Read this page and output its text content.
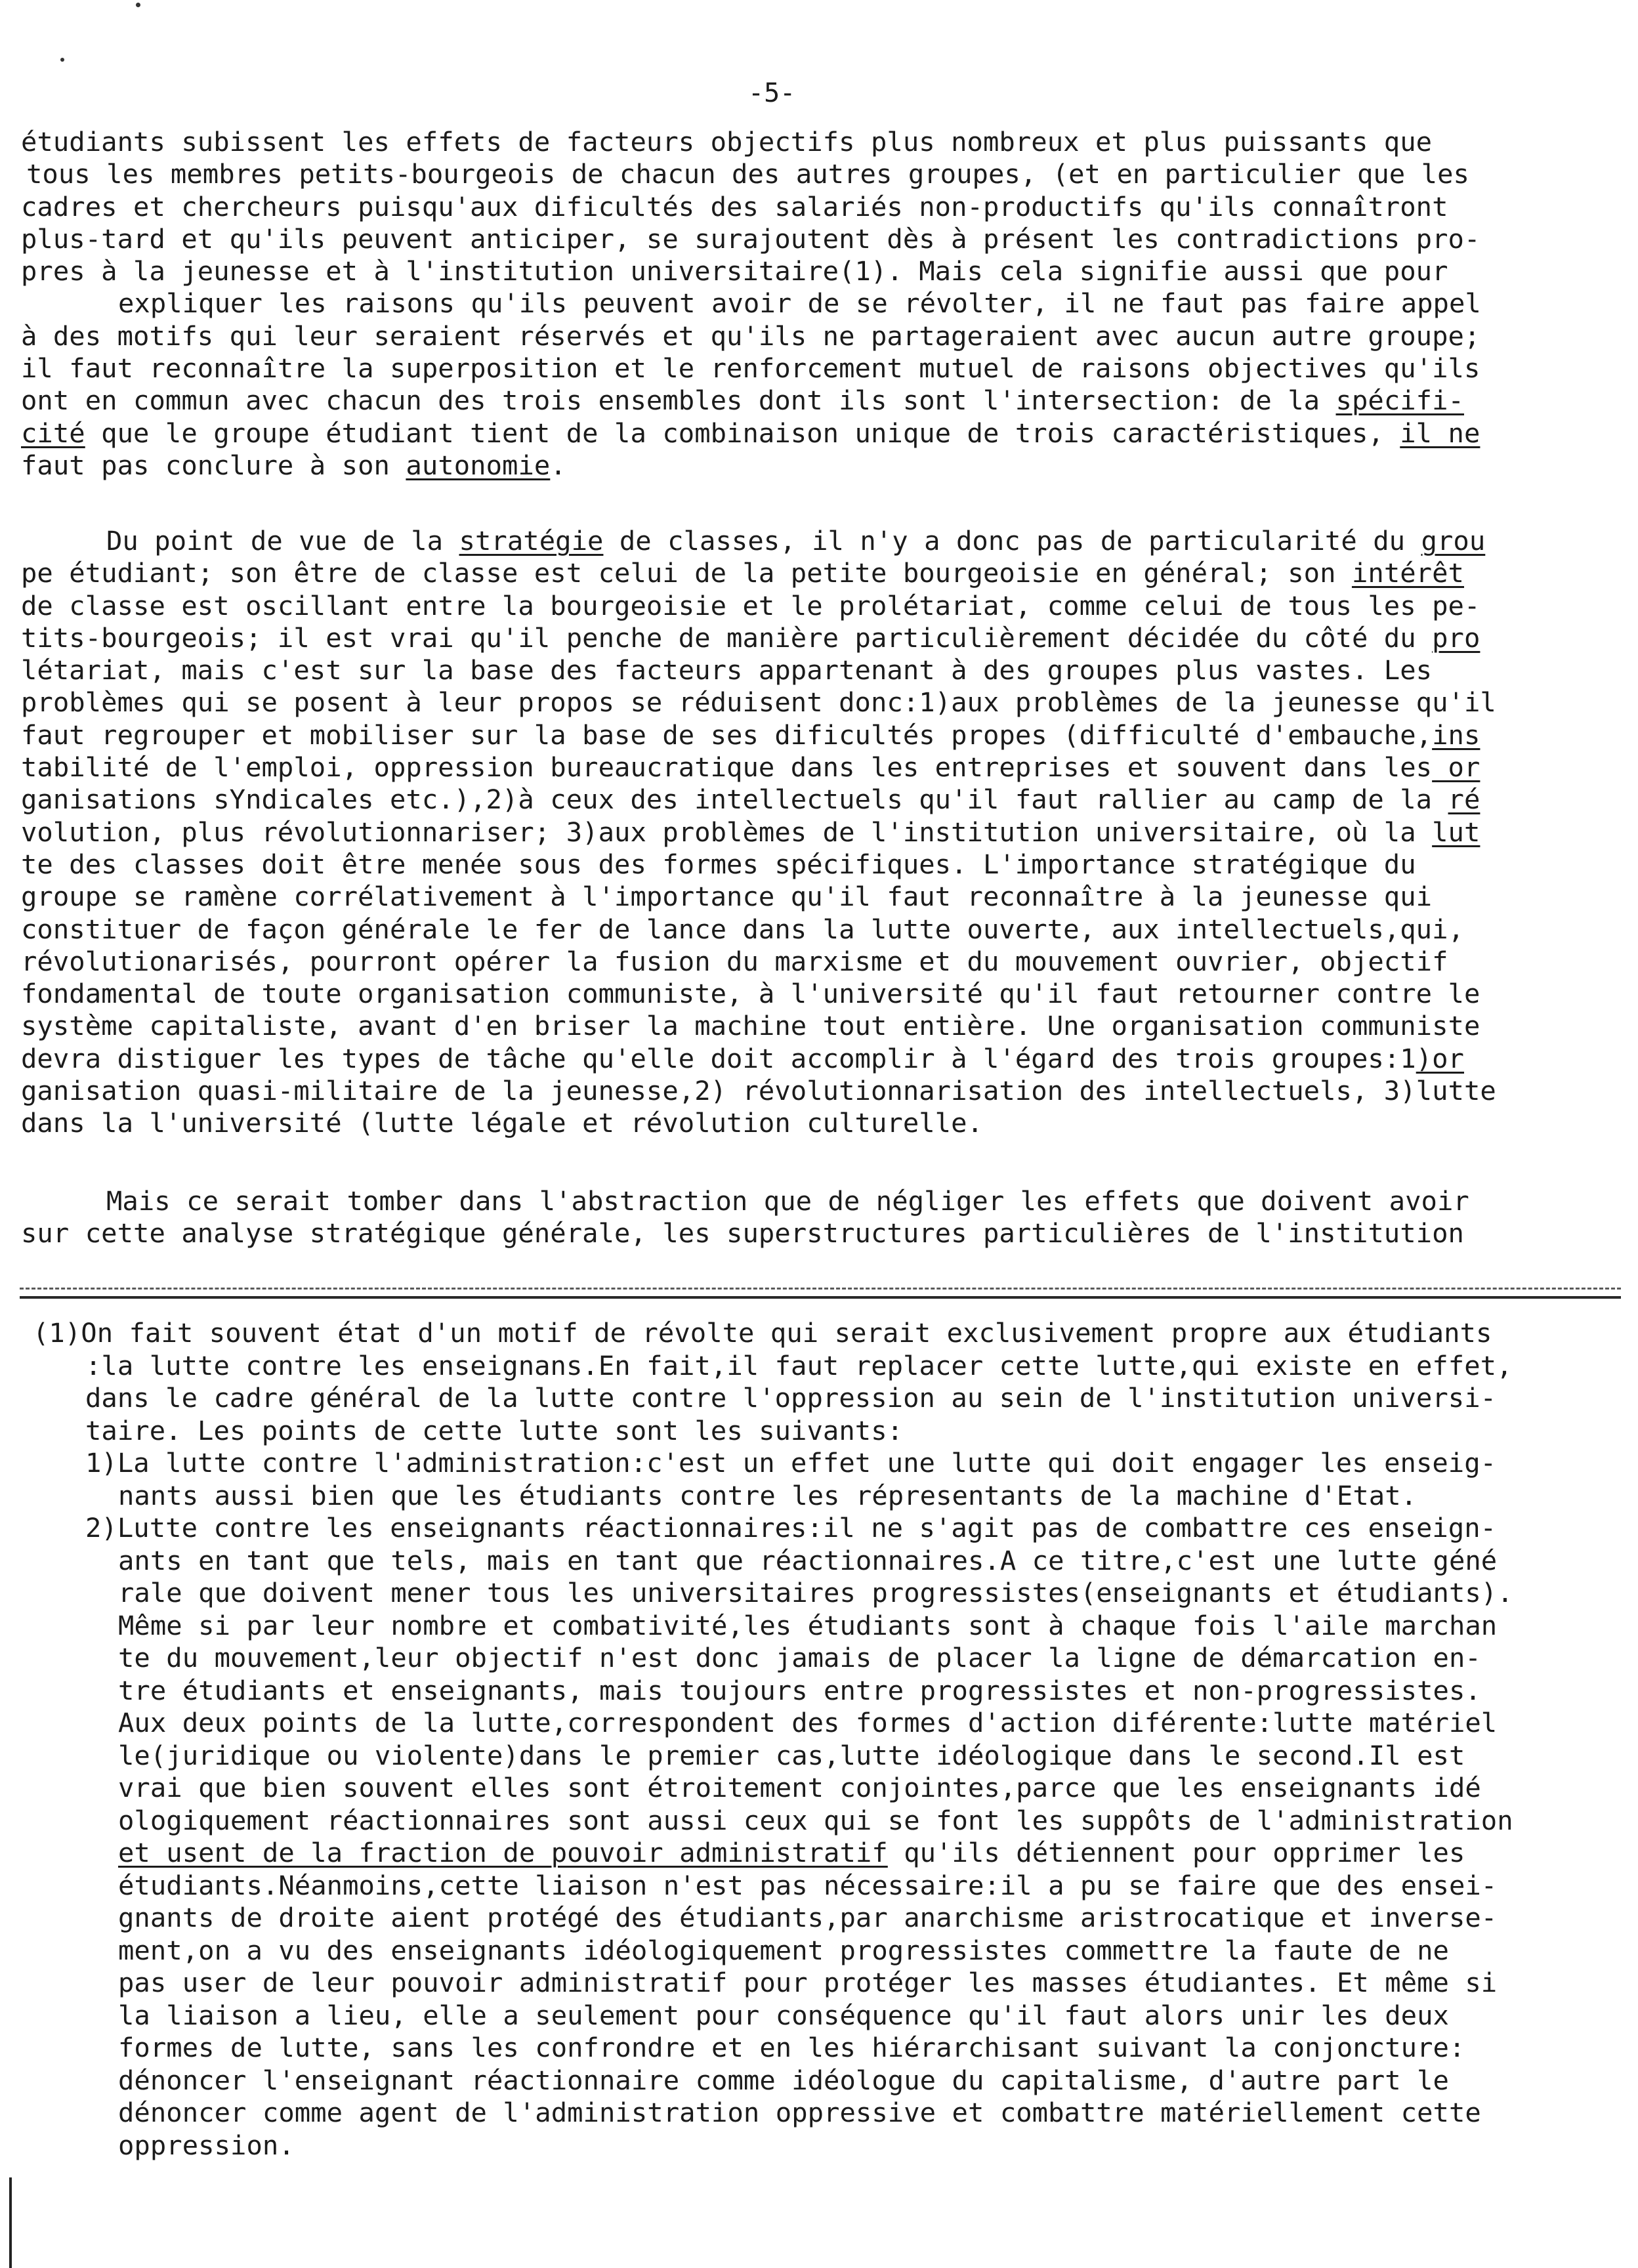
-5-
étudiants subissent les effets de facteurs objectifs plus nombreux et plus puissants que
tous les membres petits-bourgeois de chacun des autres groupes, (et en particulier que les
cadres et chercheurs puisqu'aux dificultés des salariés non-productifs qu'ils connaîtront
plus-tard et qu'ils peuvent anticiper, se surajoutent dès à présent les contradictions pro-
pres à la jeunesse et à l'institution universitaire(1). Mais cela signifie aussi que pour
expliquer les raisons qu'ils peuvent avoir de se révolter, il ne faut pas faire appel
à des motifs qui leur seraient réservés et qu'ils ne partageraient avec aucun autre groupe;
il faut reconnaître la superposition et le renforcement mutuel de raisons objectives qu'ils
ont en commun avec chacun des trois ensembles dont ils sont l'intersection: de la spécifi-
cité que le groupe étudiant tient de la combinaison unique de trois caractéristiques, il ne
faut pas conclure à son autonomie.
Du point de vue de la stratégie de classes, il n'y a donc pas de particularité du grou
pe étudiant; son être de classe est celui de la petite bourgeoisie en général; son intérêt
de classe est oscillant entre la bourgeoisie et le prolétariat, comme celui de tous les pe-
tits-bourgeois; il est vrai qu'il penche de manière particulièrement décidée du côté du pro
létariat, mais c'est sur la base des facteurs appartenant à des groupes plus vastes. Les
problèmes qui se posent à leur propos se réduisent donc:1)aux problèmes de la jeunesse qu'il
faut regrouper et mobiliser sur la base de ses dificultés propes (difficulté d'embauche,ins
tabilité de l'emploi, oppression bureaucratique dans les entreprises et souvent dans les or
ganisations sYndicales etc.),2)à ceux des intellectuels qu'il faut rallier au camp de la ré
volution, plus révolutionnariser; 3)aux problèmes de l'institution universitaire, où la lut
te des classes doit être menée sous des formes spécifiques. L'importance stratégique du
groupe se ramène corrélativement à l'importance qu'il faut reconnaître à la jeunesse qui
constituer de façon générale le fer de lance dans la lutte ouverte, aux intellectuels,qui,
révolutionarisés, pourront opérer la fusion du marxisme et du mouvement ouvrier, objectif
fondamental de toute organisation communiste, à l'université qu'il faut retourner contre le
système capitaliste, avant d'en briser la machine tout entière. Une organisation communiste
devra distiguer les types de tâche qu'elle doit accomplir à l'égard des trois groupes:1)or
ganisation quasi-militaire de la jeunesse,2) révolutionnarisation des intellectuels, 3)lutte
dans la l'université (lutte légale et révolution culturelle.
Mais ce serait tomber dans l'abstraction que de négliger les effets que doivent avoir
sur cette analyse stratégique générale, les superstructures particulières de l'institution
(1)On fait souvent état d'un motif de révolte qui serait exclusivement propre aux étudiants
:la lutte contre les enseignans.En fait,il faut replacer cette lutte,qui existe en effet,
dans le cadre général de la lutte contre l'oppression au sein de l'institution universi-
taire. Les points de cette lutte sont les suivants:
1)La lutte contre l'administration:c'est un effet une lutte qui doit engager les enseig-
nants aussi bien que les étudiants contre les répresentants de la machine d'Etat.
2)Lutte contre les enseignants réactionnaires:il ne s'agit pas de combattre ces enseign-
ants en tant que tels, mais en tant que réactionnaires.A ce titre,c'est une lutte géné
rale que doivent mener tous les universitaires progressistes(enseignants et étudiants).
Même si par leur nombre et combativité,les étudiants sont à chaque fois l'aile marchan
te du mouvement,leur objectif n'est donc jamais de placer la ligne de démarcation en-
tre étudiants et enseignants, mais toujours entre progressistes et non-progressistes.
Aux deux points de la lutte,correspondent des formes d'action diférente:lutte matériel
le(juridique ou violente)dans le premier cas,lutte idéologique dans le second.Il est
vrai que bien souvent elles sont étroitement conjointes,parce que les enseignants idé
ologiquement réactionnaires sont aussi ceux qui se font les suppôts de l'administration
et usent de la fraction de pouvoir administratif qu'ils détiennent pour opprimer les
étudiants.Néanmoins,cette liaison n'est pas nécessaire:il a pu se faire que des ensei-
gnants de droite aient protégé des étudiants,par anarchisme aristrocatique et inverse-
ment,on a vu des enseignants idéologiquement progressistes commettre la faute de ne
pas user de leur pouvoir administratif pour protéger les masses étudiantes. Et même si
la liaison a lieu, elle a seulement pour conséquence qu'il faut alors unir les deux
formes de lutte, sans les confrondre et en les hiérarchisant suivant la conjoncture:
dénoncer l'enseignant réactionnaire comme idéologue du capitalisme, d'autre part le
dénoncer comme agent de l'administration oppressive et combattre matériellement cette
oppression.
